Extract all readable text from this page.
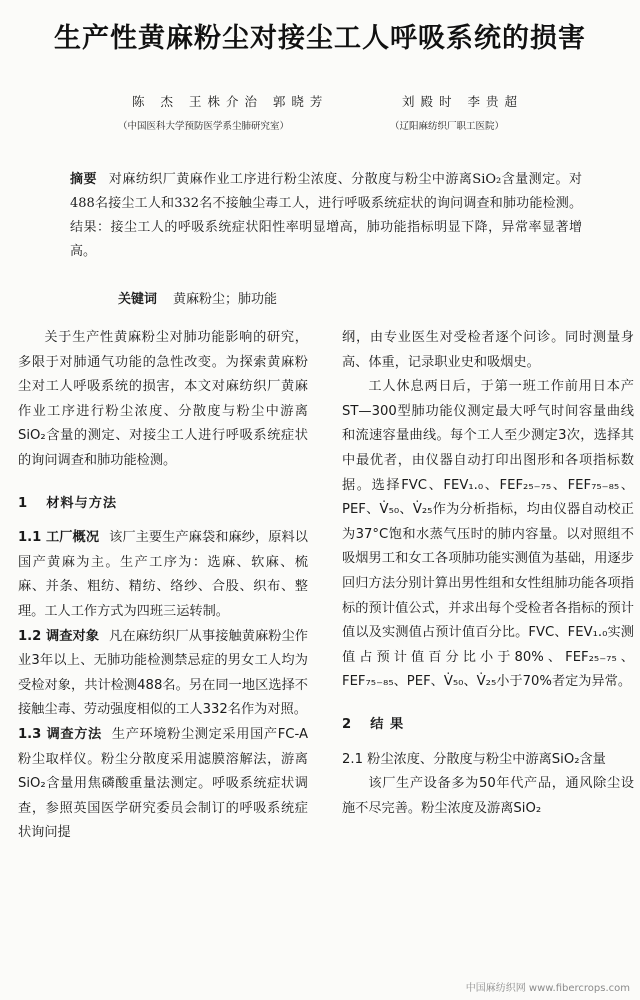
生产性黄麻粉尘对接尘工人呼吸系统的损害
陈 杰 王株介治 郭晓芳
（中国医科大学预防医学系尘肺研究室）
刘殿时 李贵超
（辽阳麻纺织厂职工医院）
摘要 对麻纺织厂黄麻作业工序进行粉尘浓度、分散度与粉尘中游离SiO₂含量测定。对488名接尘工人和332名不接触尘毒工人，进行呼吸系统症状的询问调查和肺功能检测。结果：接尘工人的呼吸系统症状阳性率明显增高，肺功能指标明显下降，异常率显著增高。
关键词 黄麻粉尘；肺功能

关于生产性黄麻粉尘对肺功能影响的研究，多限于对肺通气功能的急性改变。为探索黄麻粉尘对工人呼吸系统的损害，本文对麻纺织厂黄麻作业工序进行粉尘浓度、分散度与粉尘中游离SiO₂含量的测定、对接尘工人进行呼吸系统症状的询问调查和肺功能检测。

1 材料与方法

1.1 工厂概况 该厂主要生产麻袋和麻纱，原料以国产黄麻为主。生产工序为：选麻、软麻、梳麻、并条、粗纺、精纺、络纱、合股、织布、整理。工人工作方式为四班三运转制。

1.2 调查对象 凡在麻纺织厂从事接触黄麻粉尘作业3年以上、无肺功能检测禁忌症的男女工人均为受检对象，共计检测488名。另在同一地区选择不接触尘毒、劳动强度相似的工人332名作为对照。

1.3 调查方法 生产环境粉尘测定采用国产FC-A粉尘取样仪。粉尘分散度采用滤膜溶解法，游离SiO₂含量用焦磷酸重量法测定。呼吸系统症状调查，参照英国医学研究委员会制订的呼吸系统症状询问提

纲，由专业医生对受检者逐个问诊。同时测量身高、体重，记录职业史和吸烟史。

工人休息两日后，于第一班工作前用日本产ST—300型肺功能仪测定最大呼气时间容量曲线和流速容量曲线。每个工人至少测定3次，选择其中最优者，由仪器自动打印出图形和各项指标数据。选择FVC、FEV₁.₀、FEF₂₅₋₇₅、FEF₇₅₋₈₅、PEF、V̇₅₀、V̇₂₅作为分析指标，均由仪器自动校正为37°C饱和水蒸气压时的肺内容量。以对照组不吸烟男工和女工各项肺功能实测值为基础，用逐步回归方法分别计算出男性组和女性组肺功能各项指标的预计值公式，并求出每个受检者各指标的预计值以及实测值占预计值百分比。FVC、FEV₁.₀实测值占预计值百分比小于80%、FEF₂₅₋₇₅、FEF₇₅₋₈₅、PEF、V̇₅₀、V̇₂₅小于70%者定为异常。

2 结 果

2.1 粉尘浓度、分散度与粉尘中游离SiO₂含量

该厂生产设备多为50年代产品，通风除尘设施不尽完善。粉尘浓度及游离SiO₂

中国麻纺织网 www.fibercrops.com
